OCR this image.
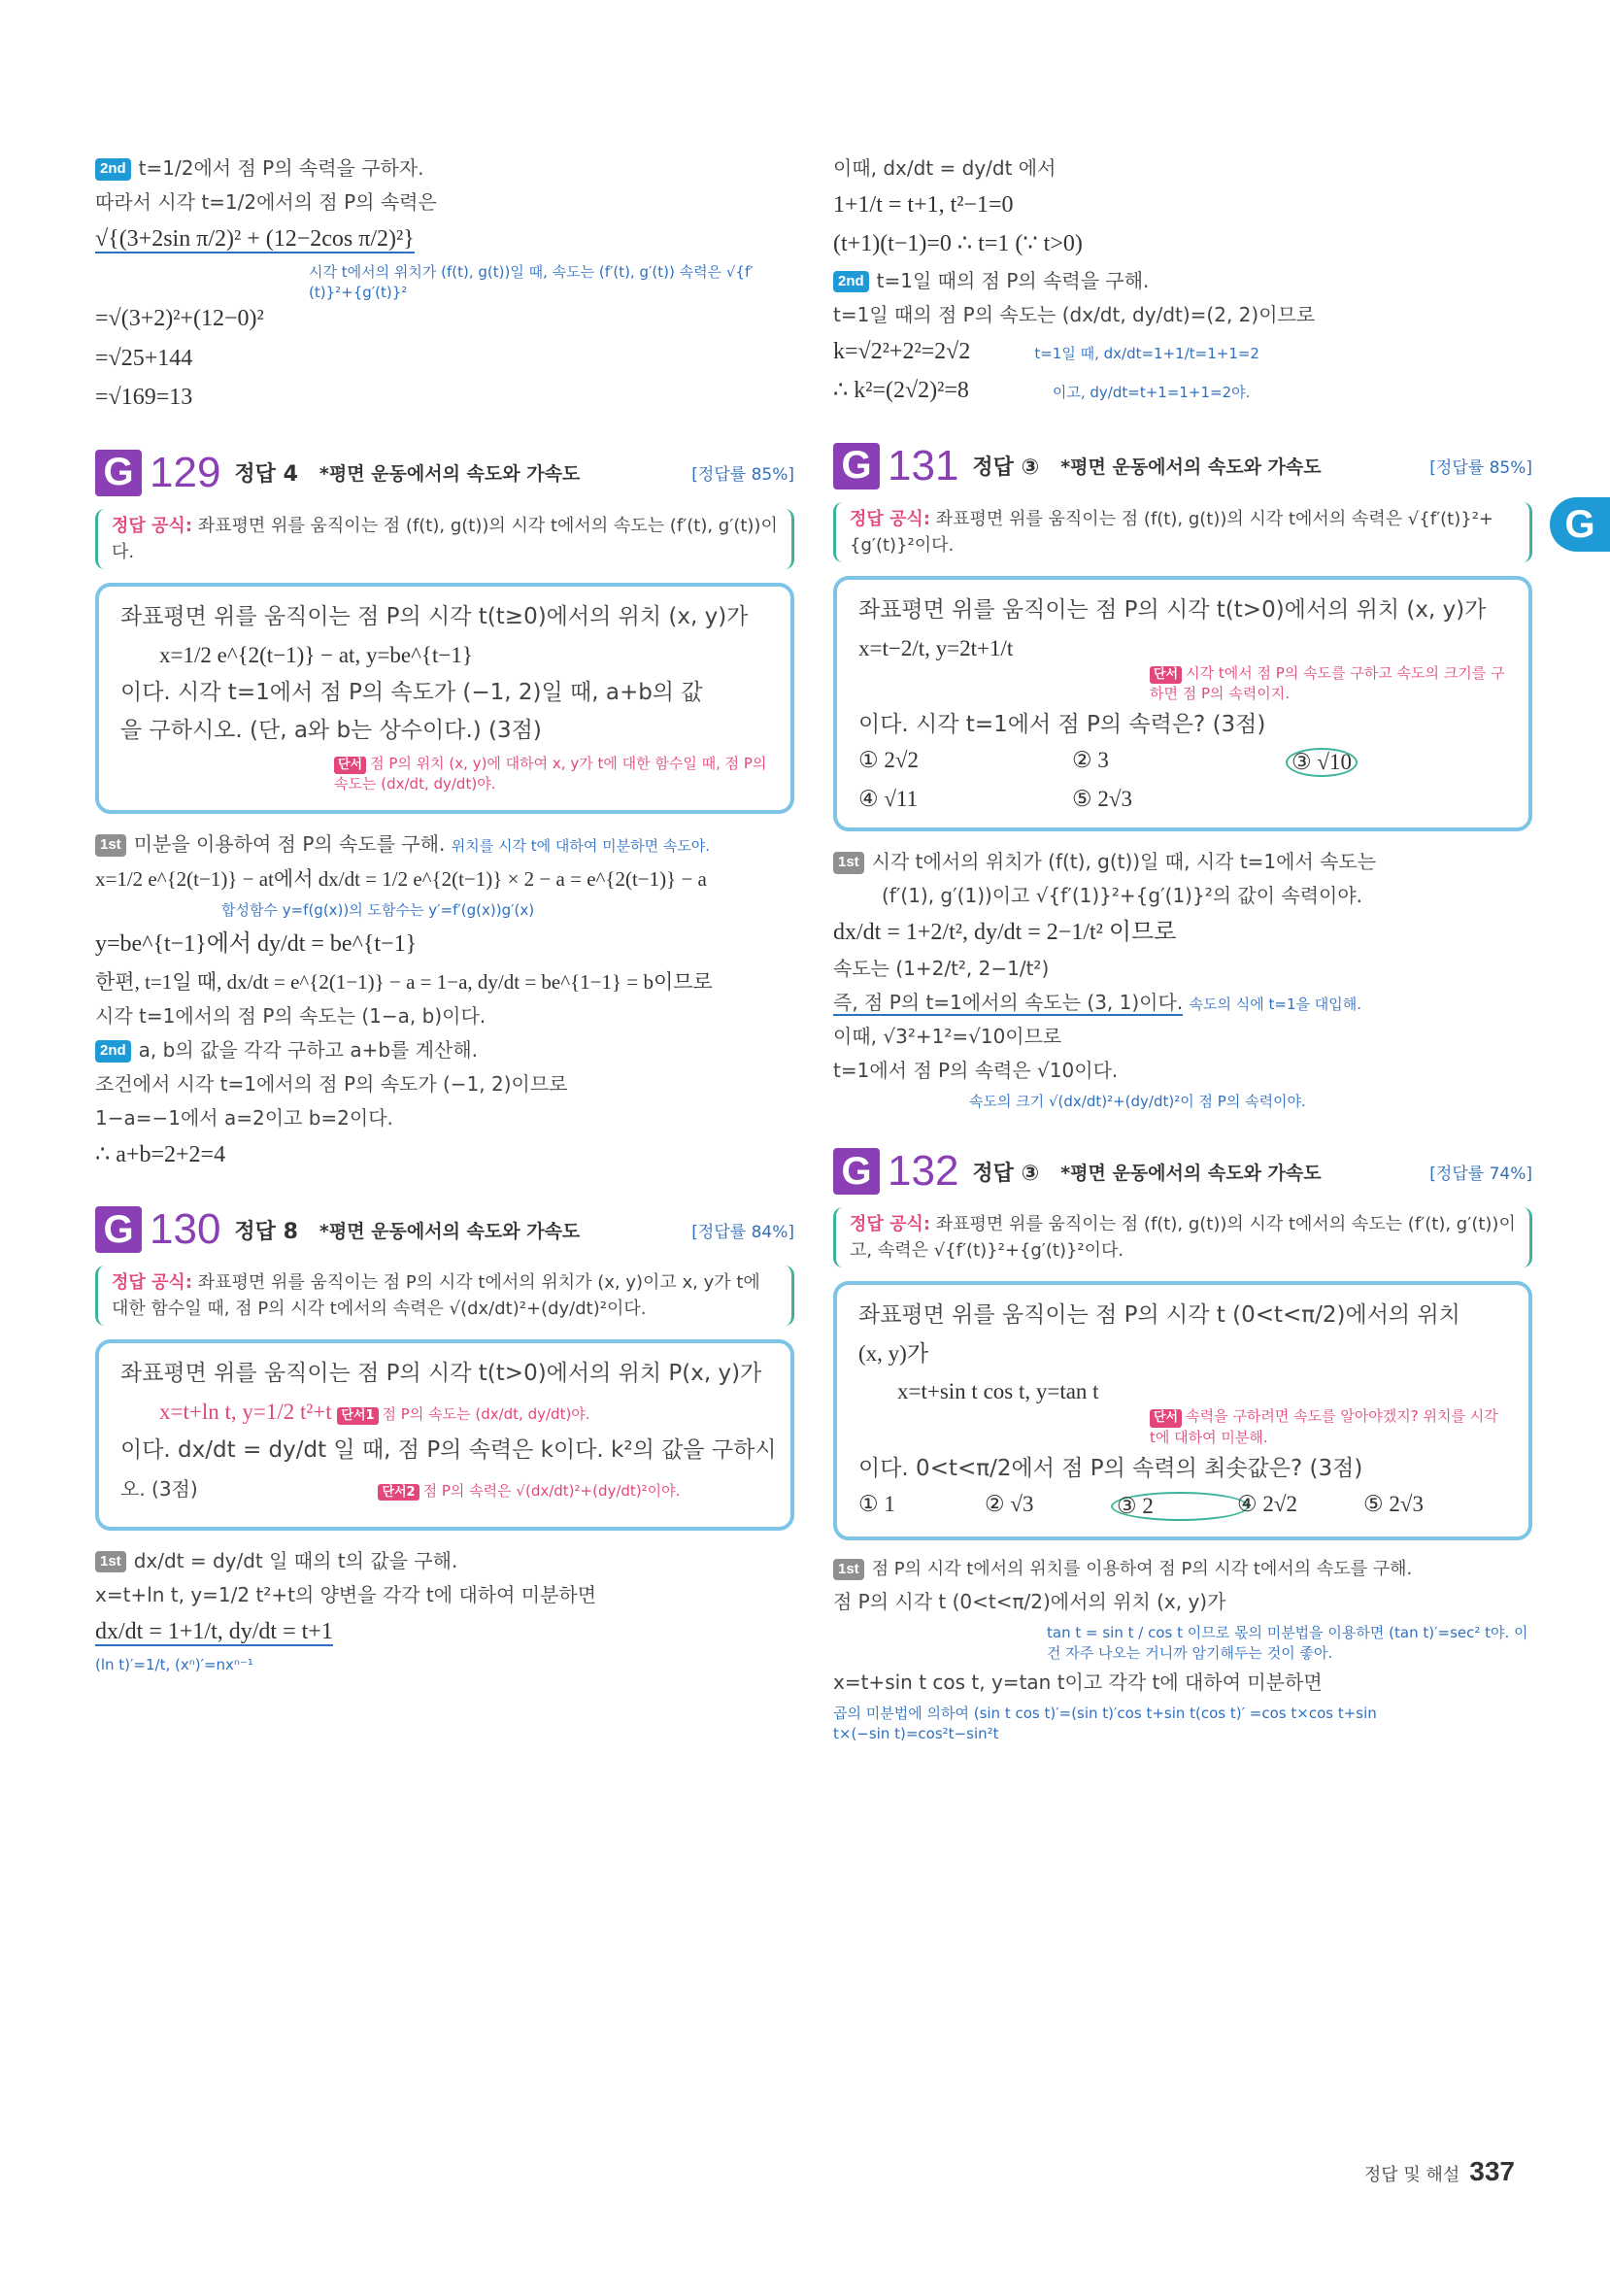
2nd t=1/2에서 점 P의 속력을 구하자.
따라서 시각 t=1/2에서의 점 P의 속력은
√{(3+2sin π/2)² + (12−2cos π/2)²}
시각 t에서의 위치가 (f(t), g(t))일 때, 속도는 (f′(t), g′(t)) 속력은 √{f′(t)}²+{g′(t)}²
=√(3+2)²+(12−0)²
=√25+144
=√169=13
G 129 정답 4 *평면 운동에서의 속도와 가속도	[정답률 85%]
정답 공식: 좌표평면 위를 움직이는 점 (f(t), g(t))의 시각 t에서의 속도는 (f′(t), g′(t))이다.
좌표평면 위를 움직이는 점 P의 시각 t(t≥0)에서의 위치 (x, y)가
x=1/2 e^{2(t−1)} − at, y=be^{t−1}
이다. 시각 t=1에서 점 P의 속도가 (−1, 2)일 때, a+b의 값
을 구하시오. (단, a와 b는 상수이다.) (3점)
단서 점 P의 위치 (x, y)에 대하여 x, y가 t에 대한 함수일 때, 점 P의 속도는 (dx/dt, dy/dt)야.
1st 미분을 이용하여 점 P의 속도를 구해. 위치를 시각 t에 대하여 미분하면 속도야.
x=1/2 e^{2(t−1)} − at에서 dx/dt = 1/2 e^{2(t−1)} × 2 − a = e^{2(t−1)} − a
합성함수 y=f(g(x))의 도함수는 y′=f′(g(x))g′(x)
y=be^{t−1}에서 dy/dt = be^{t−1}
한편, t=1일 때, dx/dt = e^{2(1−1)} − a = 1−a, dy/dt = be^{1−1} = b이므로
시각 t=1에서의 점 P의 속도는 (1−a, b)이다.
2nd a, b의 값을 각각 구하고 a+b를 계산해.
조건에서 시각 t=1에서의 점 P의 속도가 (−1, 2)이므로
1−a=−1에서 a=2이고 b=2이다.
∴ a+b=2+2=4
G 130 정답 8 *평면 운동에서의 속도와 가속도	[정답률 84%]
정답 공식: 좌표평면 위를 움직이는 점 P의 시각 t에서의 위치가 (x, y)이고 x, y가 t에 대한 함수일 때, 점 P의 시각 t에서의 속력은 √(dx/dt)²+(dy/dt)²이다.
좌표평면 위를 움직이는 점 P의 시각 t(t>0)에서의 위치 P(x, y)가
x=t+ln t, y=1/2 t²+t 단서1 점 P의 속도는 (dx/dt, dy/dt)야.
이다. dx/dt = dy/dt 일 때, 점 P의 속력은 k이다. k²의 값을 구하시
오. (3점)	단서2 점 P의 속력은 √(dx/dt)²+(dy/dt)²이야.
1st dx/dt = dy/dt 일 때의 t의 값을 구해.
x=t+ln t, y=1/2 t²+t의 양변을 각각 t에 대하여 미분하면
dx/dt = 1+1/t, dy/dt = t+1
(ln t)′=1/t, (xⁿ)′=nxⁿ⁻¹
이때, dx/dt = dy/dt 에서
1+1/t = t+1, t²−1=0
(t+1)(t−1)=0 ∴ t=1 (∵ t>0)
2nd t=1일 때의 점 P의 속력을 구해.
t=1일 때의 점 P의 속도는 (dx/dt, dy/dt)=(2, 2)이므로
k=√2²+2²=2√2	t=1일 때, dx/dt=1+1/t=1+1=2
∴ k²=(2√2)²=8	이고, dy/dt=t+1=1+1=2야.
G 131 정답 ③ *평면 운동에서의 속도와 가속도	[정답률 85%]
정답 공식: 좌표평면 위를 움직이는 점 (f(t), g(t))의 시각 t에서의 속력은 √{f′(t)}²+{g′(t)}²이다.
좌표평면 위를 움직이는 점 P의 시각 t(t>0)에서의 위치 (x, y)가
x=t−2/t, y=2t+1/t
단서 시각 t에서 점 P의 속도를 구하고 속도의 크기를 구하면 점 P의 속력이지.
이다. 시각 t=1에서 점 P의 속력은? (3점)
① 2√2	② 3	③ √10
④ √11	⑤ 2√3
1st 시각 t에서의 위치가 (f(t), g(t))일 때, 시각 t=1에서 속도는
(f′(1), g′(1))이고 √{f′(1)}²+{g′(1)}²의 값이 속력이야.
dx/dt = 1+2/t², dy/dt = 2−1/t² 이므로
속도는 (1+2/t², 2−1/t²)
즉, 점 P의 t=1에서의 속도는 (3, 1)이다. 속도의 식에 t=1을 대입해.
이때, √3²+1²=√10이므로
t=1에서 점 P의 속력은 √10이다.
속도의 크기 √(dx/dt)²+(dy/dt)²이 점 P의 속력이야.
G 132 정답 ③ *평면 운동에서의 속도와 가속도	[정답률 74%]
정답 공식: 좌표평면 위를 움직이는 점 (f(t), g(t))의 시각 t에서의 속도는 (f′(t), g′(t))이고, 속력은 √{f′(t)}²+{g′(t)}²이다.
좌표평면 위를 움직이는 점 P의 시각 t (0<t<π/2)에서의 위치
(x, y)가
x=t+sin t cos t, y=tan t
단서 속력을 구하려면 속도를 알아야겠지? 위치를 시각 t에 대하여 미분해.
이다. 0<t<π/2에서 점 P의 속력의 최솟값은? (3점)
① 1	② √3	③ 2	④ 2√2	⑤ 2√3
1st 점 P의 시각 t에서의 위치를 이용하여 점 P의 시각 t에서의 속도를 구해.
점 P의 시각 t (0<t<π/2)에서의 위치 (x, y)가
tan t = sin t / cos t 이므로 몫의 미분법을 이용하면 (tan t)′=sec² t야. 이건 자주 나오는 거니까 암기해두는 것이 좋아.
x=t+sin t cos t, y=tan t이고 각각 t에 대하여 미분하면
곱의 미분법에 의하여 (sin t cos t)′=(sin t)′cos t+sin t(cos t)′ =cos t×cos t+sin t×(−sin t)=cos²t−sin²t
G
정답 및 해설 337
